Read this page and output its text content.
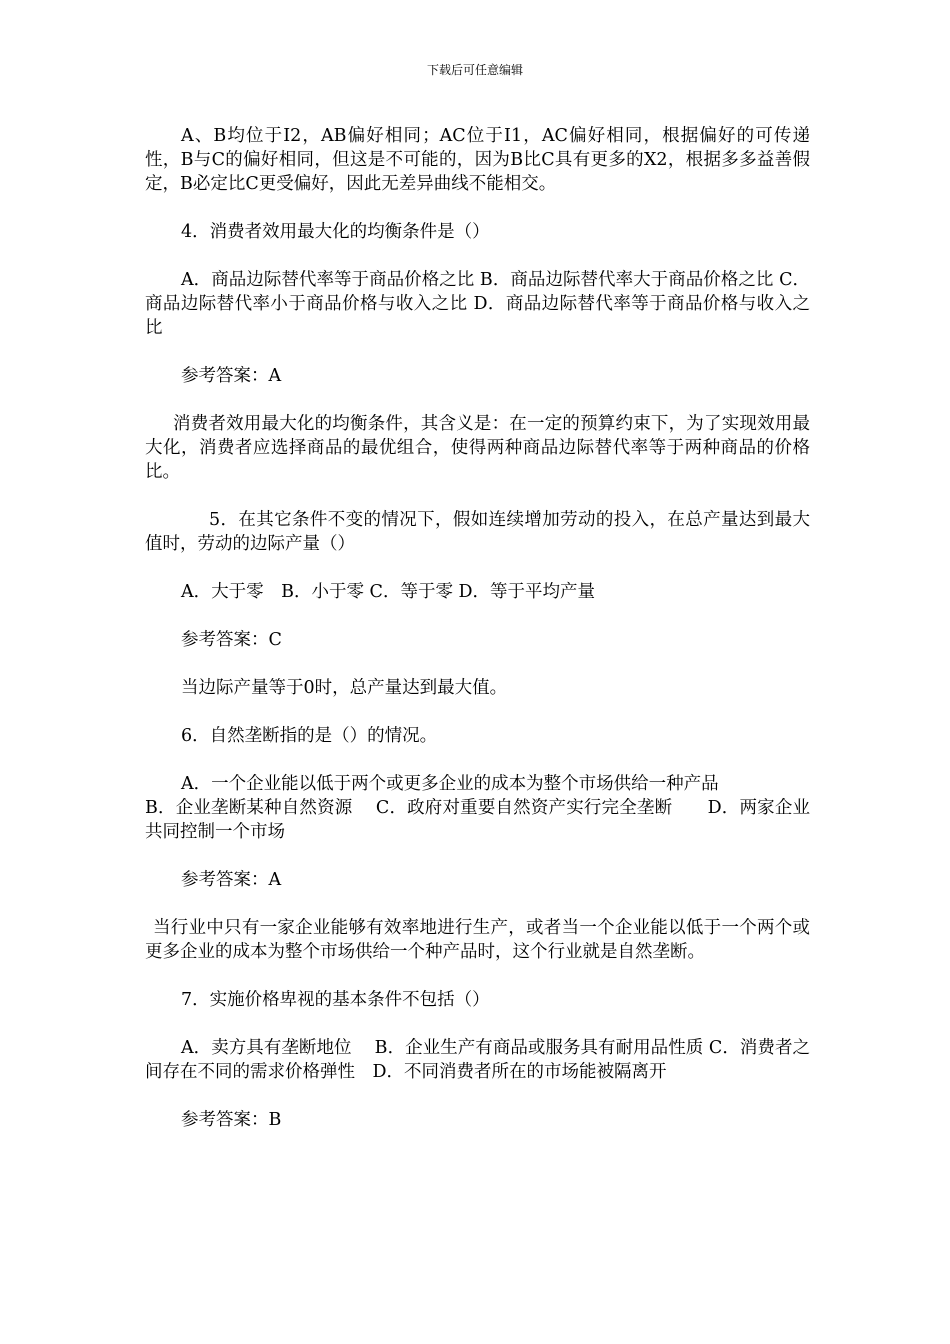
下载后可任意编辑

A、B均位于I2，AB偏好相同；AC位于I1，AC偏好相同，根据偏好的可传递性，B与C的偏好相同，但这是不可能的，因为B比C具有更多的X2，根据多多益善假定，B必定比C更受偏好，因此无差异曲线不能相交。

4．消费者效用最大化的均衡条件是（）

A．商品边际替代率等于商品价格之比 B．商品边际替代率大于商品价格之比 C．商品边际替代率小于商品价格与收入之比 D．商品边际替代率等于商品价格与收入之比

参考答案：A

消费者效用最大化的均衡条件，其含义是：在一定的预算约束下，为了实现效用最大化，消费者应选择商品的最优组合，使得两种商品边际替代率等于两种商品的价格比。

5．在其它条件不变的情况下，假如连续增加劳动的投入，在总产量达到最大值时，劳动的边际产量（）

A．大于零　B．小于零 C．等于零 D．等于平均产量

参考答案：C

当边际产量等于0时，总产量达到最大值。

6．自然垄断指的是（）的情况。

A．一个企业能以低于两个或更多企业的成本为整个市场供给一种产品
B．企业垄断某种自然资源　 C．政府对重要自然资产实行完全垄断　　D．两家企业共同控制一个市场

参考答案：A

当行业中只有一家企业能够有效率地进行生产，或者当一个企业能以低于一个两个或更多企业的成本为整个市场供给一个种产品时，这个行业就是自然垄断。

7．实施价格卑视的基本条件不包括（）

A．卖方具有垄断地位　 B．企业生产有商品或服务具有耐用品性质 C．消费者之间存在不同的需求价格弹性　D．不同消费者所在的市场能被隔离开

参考答案：B
